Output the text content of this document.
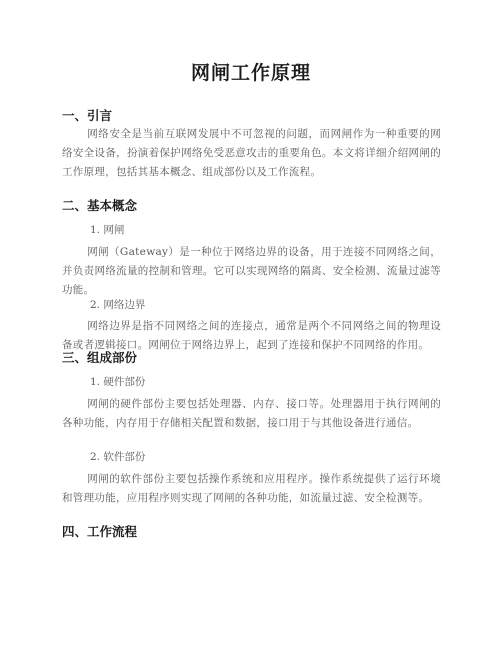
网闸工作原理
一、引言
网络安全是当前互联网发展中不可忽视的问题，而网闸作为一种重要的网络安全设备，扮演着保护网络免受恶意攻击的重要角色。本文将详细介绍网闸的工作原理，包括其基本概念、组成部份以及工作流程。
二、基本概念
1. 网闸
网闸（Gateway）是一种位于网络边界的设备，用于连接不同网络之间，并负责网络流量的控制和管理。它可以实现网络的隔离、安全检测、流量过滤等功能。
2. 网络边界
网络边界是指不同网络之间的连接点，通常是两个不同网络之间的物理设备或者逻辑接口。网闸位于网络边界上，起到了连接和保护不同网络的作用。
三、组成部份
1. 硬件部份
网闸的硬件部份主要包括处理器、内存、接口等。处理器用于执行网闸的各种功能，内存用于存储相关配置和数据，接口用于与其他设备进行通信。
2. 软件部份
网闸的软件部份主要包括操作系统和应用程序。操作系统提供了运行环境和管理功能，应用程序则实现了网闸的各种功能，如流量过滤、安全检测等。
四、工作流程
